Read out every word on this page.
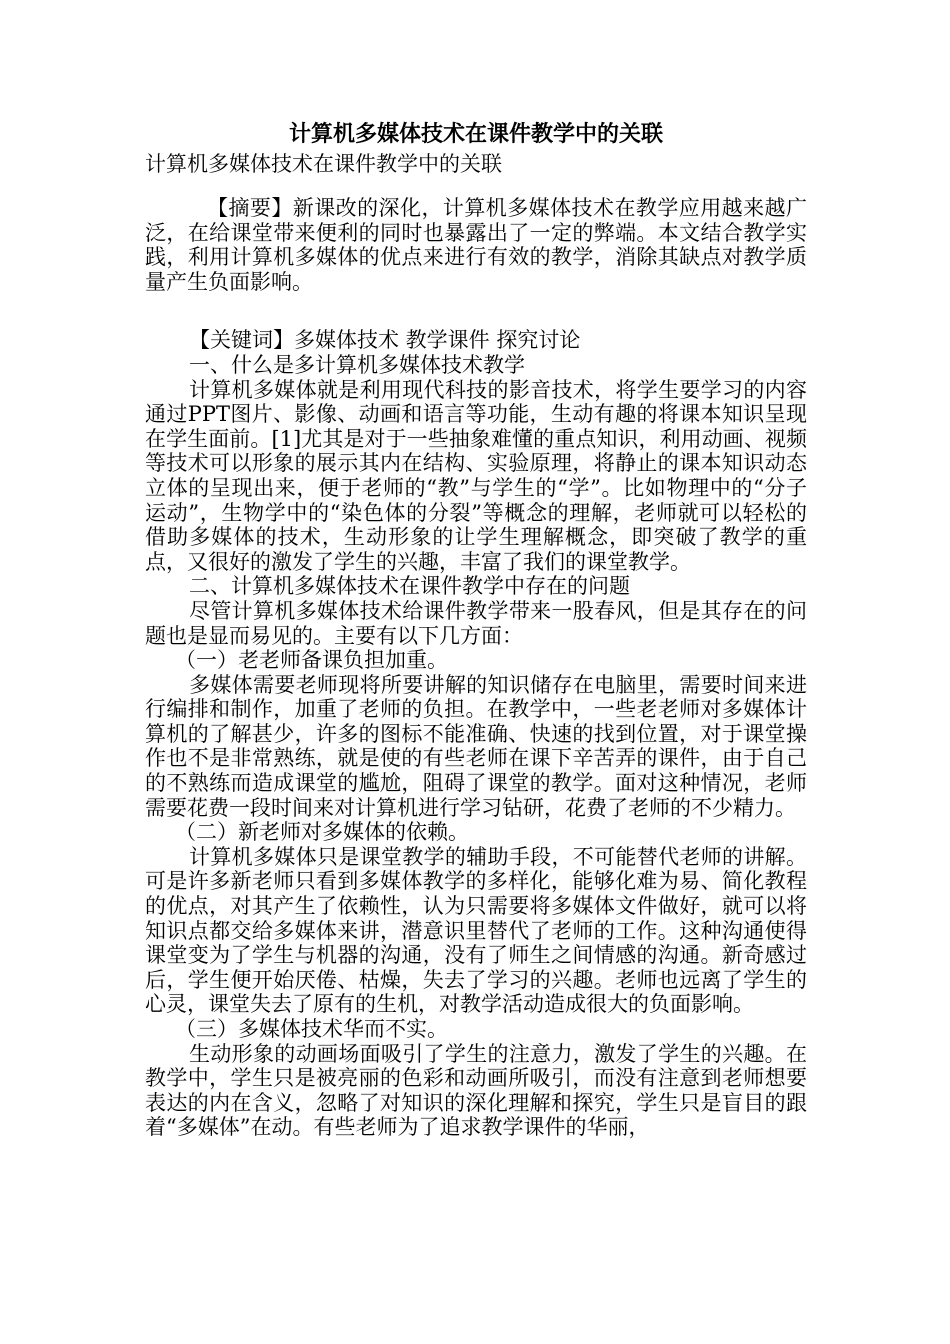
计算机多媒体技术在课件教学中的关联

计算机多媒体技术在课件教学中的关联

【摘要】新课改的深化，计算机多媒体技术在教学应用越来越广泛，在给课堂带来便利的同时也暴露出了一定的弊端。本文结合教学实践，利用计算机多媒体的优点来进行有效的教学，消除其缺点对教学质量产生负面影响。

【关键词】多媒体技术 教学课件 探究讨论

一、什么是多计算机多媒体技术教学

计算机多媒体就是利用现代科技的影音技术，将学生要学习的内容通过PPT图片、影像、动画和语言等功能，生动有趣的将课本知识呈现在学生面前。[1]尤其是对于一些抽象难懂的重点知识，利用动画、视频等技术可以形象的展示其内在结构、实验原理，将静止的课本知识动态立体的呈现出来，便于老师的“教”与学生的“学”。比如物理中的“分子运动”，生物学中的“染色体的分裂”等概念的理解，老师就可以轻松的借助多媒体的技术，生动形象的让学生理解概念，即突破了教学的重点，又很好的激发了学生的兴趣，丰富了我们的课堂教学。

二、计算机多媒体技术在课件教学中存在的问题

尽管计算机多媒体技术给课件教学带来一股春风，但是其存在的问题也是显而易见的。主要有以下几方面：

（一）老老师备课负担加重。

多媒体需要老师现将所要讲解的知识储存在电脑里，需要时间来进行编排和制作，加重了老师的负担。在教学中，一些老老师对多媒体计算机的了解甚少，许多的图标不能准确、快速的找到位置，对于课堂操作也不是非常熟练，就是使的有些老师在课下辛苦弄的课件，由于自己的不熟练而造成课堂的尴尬，阻碍了课堂的教学。面对这种情况，老师需要花费一段时间来对计算机进行学习钻研，花费了老师的不少精力。

（二）新老师对多媒体的依赖。

计算机多媒体只是课堂教学的辅助手段，不可能替代老师的讲解。可是许多新老师只看到多媒体教学的多样化，能够化难为易、简化教程的优点，对其产生了依赖性，认为只需要将多媒体文件做好，就可以将知识点都交给多媒体来讲，潜意识里替代了老师的工作。这种沟通使得课堂变为了学生与机器的沟通，没有了师生之间情感的沟通。新奇感过后，学生便开始厌倦、枯燥，失去了学习的兴趣。老师也远离了学生的心灵，课堂失去了原有的生机，对教学活动造成很大的负面影响。

（三）多媒体技术华而不实。

生动形象的动画场面吸引了学生的注意力，激发了学生的兴趣。在教学中，学生只是被亮丽的色彩和动画所吸引，而没有注意到老师想要表达的内在含义，忽略了对知识的深化理解和探究，学生只是盲目的跟着“多媒体”在动。有些老师为了追求教学课件的华丽，
